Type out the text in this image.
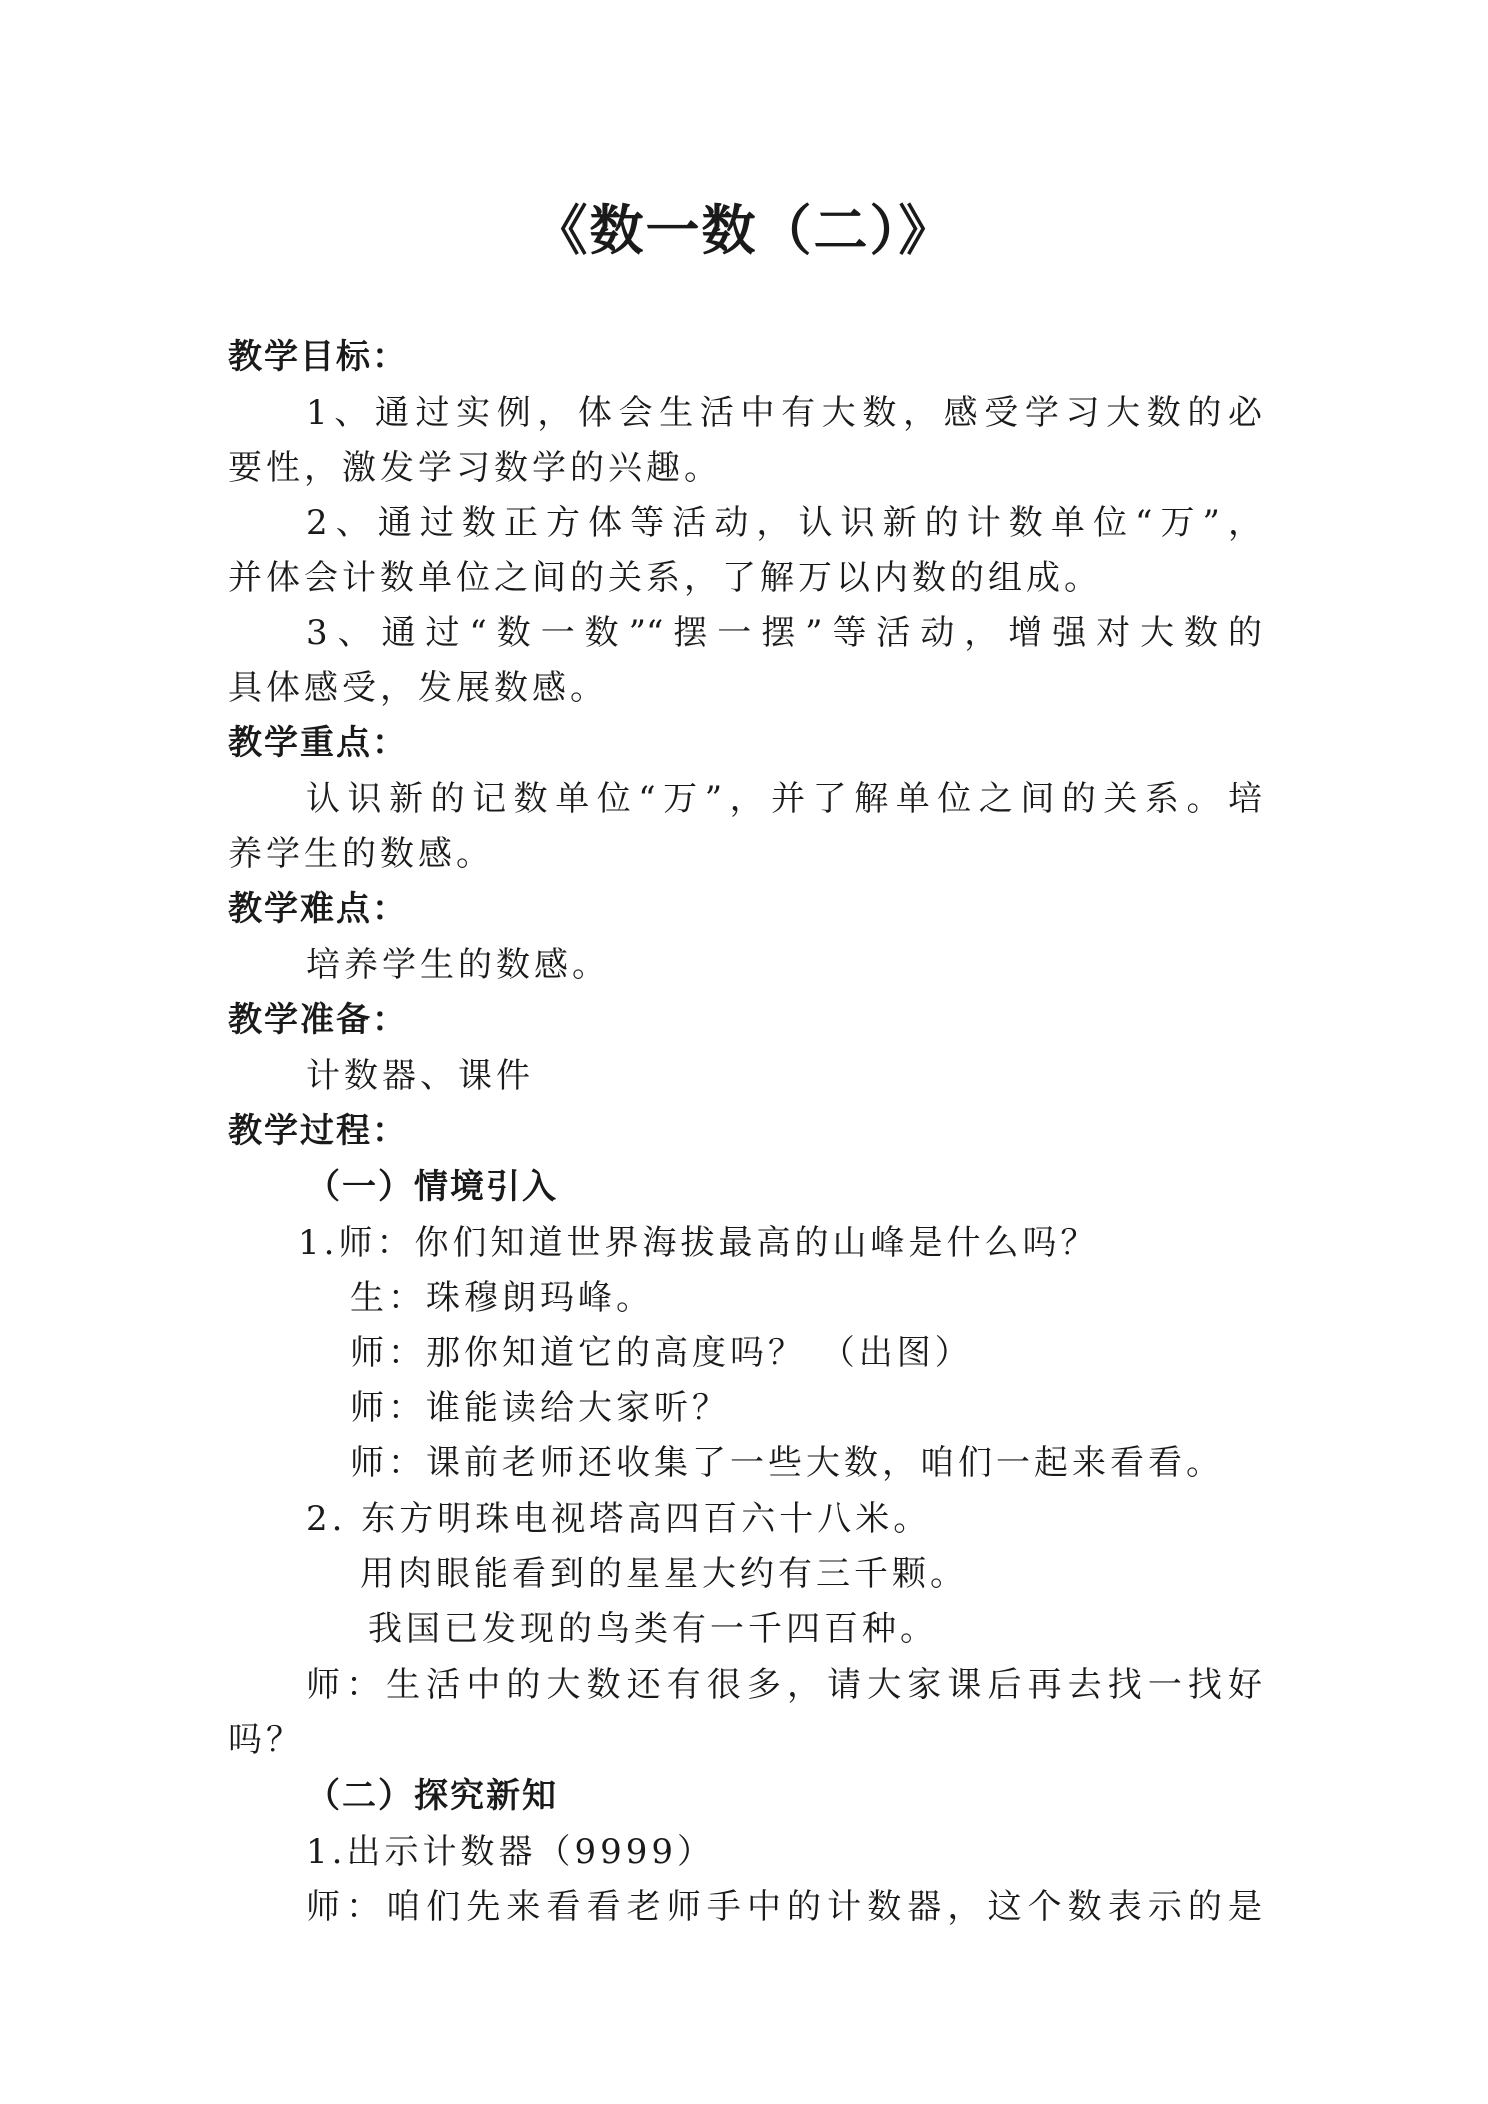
《数一数（二）》
教学目标：
1、通过实例，体会生活中有大数，感受学习大数的必
要性，激发学习数学的兴趣。
2、通过数正方体等活动，认识新的计数单位“万”，
并体会计数单位之间的关系，了解万以内数的组成。
3、通过“数一数”“摆一摆”等活动，增强对大数的
具体感受，发展数感。
教学重点：
认识新的记数单位“万”，并了解单位之间的关系。培
养学生的数感。
教学难点：
培养学生的数感。
教学准备：
计数器、课件
教学过程：
（一）情境引入
1.师：你们知道世界海拔最高的山峰是什么吗？
生：珠穆朗玛峰。
师：那你知道它的高度吗？ （出图）
师：谁能读给大家听？
师：课前老师还收集了一些大数，咱们一起来看看。
2. 东方明珠电视塔高四百六十八米。
用肉眼能看到的星星大约有三千颗。
我国已发现的鸟类有一千四百种。
师：生活中的大数还有很多，请大家课后再去找一找好
吗？
（二）探究新知
1.出示计数器（9999）
师：咱们先来看看老师手中的计数器，这个数表示的是
